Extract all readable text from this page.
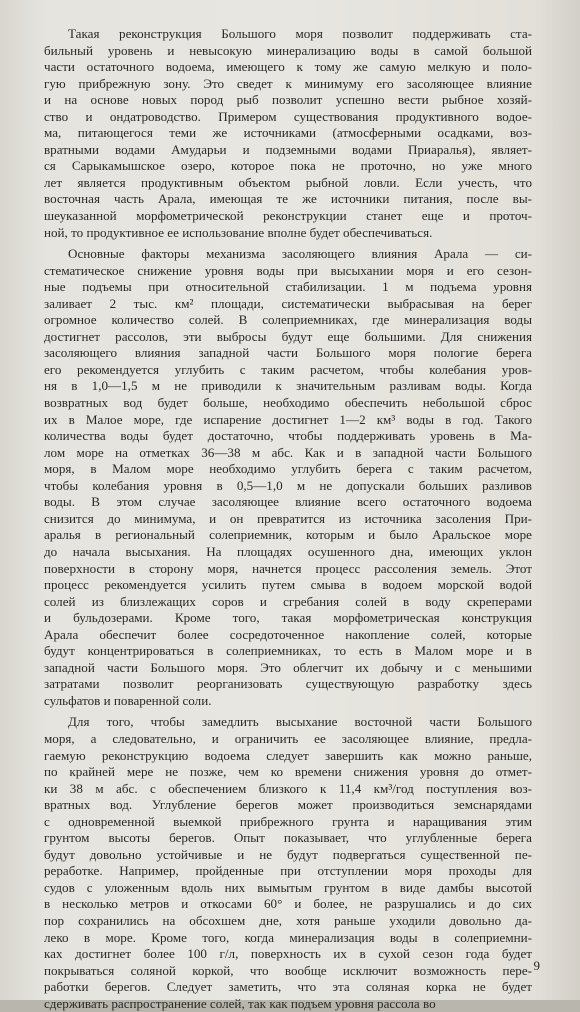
Такая реконструкция Большого моря позволит поддерживать ста-
бильный уровень и невысокую минерализацию воды в самой большой
части остаточного водоема, имеющего к тому же самую мелкую и поло-
гую прибрежную зону. Это сведет к минимуму его засоляющее влияние
и на основе новых пород рыб позволит успешно вести рыбное хозяй-
ство и ондатроводство. Примером существования продуктивного водое-
ма, питающегося теми же источниками (атмосферными осадками, воз-
вратными водами Амударьи и подземными водами Приаралья), являет-
ся Сарыкамышское озеро, которое пока не проточно, но уже много
лет является продуктивным объектом рыбной ловли. Если учесть, что
восточная часть Арала, имеющая те же источники питания, после вы-
шеуказанной морфометрической реконструкции станет еще и проточ-
ной, то продуктивное ее использование вполне будет обеспечиваться.
Основные факторы механизма засоляющего влияния Арала — си-
стематическое снижение уровня воды при высыхании моря и его сезон-
ные подъемы при относительной стабилизации. 1 м подъема уровня
заливает 2 тыс. км² площади, систематически выбрасывая на берег
огромное количество солей. В солеприемниках, где минерализация воды
достигнет рассолов, эти выбросы будут еще большими. Для снижения
засоляющего влияния западной части Большого моря пологие берега
его рекомендуется углубить с таким расчетом, чтобы колебания уров-
ня в 1,0—1,5 м не приводили к значительным разливам воды. Когда
возвратных вод будет больше, необходимо обеспечить небольшой сброс
их в Малое море, где испарение достигнет 1—2 км³ воды в год. Такого
количества воды будет достаточно, чтобы поддерживать уровень в Ма-
лом море на отметках 36—38 м абс. Как и в западной части Большого
моря, в Малом море необходимо углубить берега с таким расчетом,
чтобы колебания уровня в 0,5—1,0 м не допускали больших разливов
воды. В этом случае засоляющее влияние всего остаточного водоема
снизится до минимума, и он превратится из источника засоления При-
аралья в региональный солеприемник, которым и было Аральское море
до начала высыхания. На площадях осушенного дна, имеющих уклон
поверхности в сторону моря, начнется процесс рассоления земель. Этот
процесс рекомендуется усилить путем смыва в водоем морской водой
солей из близлежащих соров и сгребания солей в воду скреперами
и бульдозерами. Кроме того, такая морфометрическая конструкция
Арала обеспечит более сосредоточенное накопление солей, которые
будут концентрироваться в солеприемниках, то есть в Малом море и в
западной части Большого моря. Это облегчит их добычу и с меньшими
затратами позволит реорганизовать существующую разработку здесь
сульфатов и поваренной соли.
Для того, чтобы замедлить высыхание восточной части Большого
моря, а следовательно, и ограничить ее засоляющее влияние, предла-
гаемую реконструкцию водоема следует завершить как можно раньше,
по крайней мере не позже, чем ко времени снижения уровня до отмет-
ки 38 м абс. с обеспечением близкого к 11,4 км³/год поступления воз-
вратных вод. Углубление берегов может производиться земснарядами
с одновременной выемкой прибрежного грунта и наращивания этим
грунтом высоты берегов. Опыт показывает, что углубленные берега
будут довольно устойчивые и не будут подвергаться существенной пе-
реработке. Например, пройденные при отступлении моря проходы для
судов с уложенным вдоль них вымытым грунтом в виде дамбы высотой
в несколько метров и откосами 60° и более, не разрушались и до сих
пор сохранились на обсохшем дне, хотя раньше уходили довольно да-
леко в море. Кроме того, когда минерализация воды в солеприемни-
ках достигнет более 100 г/л, поверхность их в сухой сезон года будет
покрываться соляной коркой, что вообще исключит возможность пере-
работки берегов. Следует заметить, что эта соляная корка не будет
сдерживать распространение солей, так как подъем уровня рассола во
9
